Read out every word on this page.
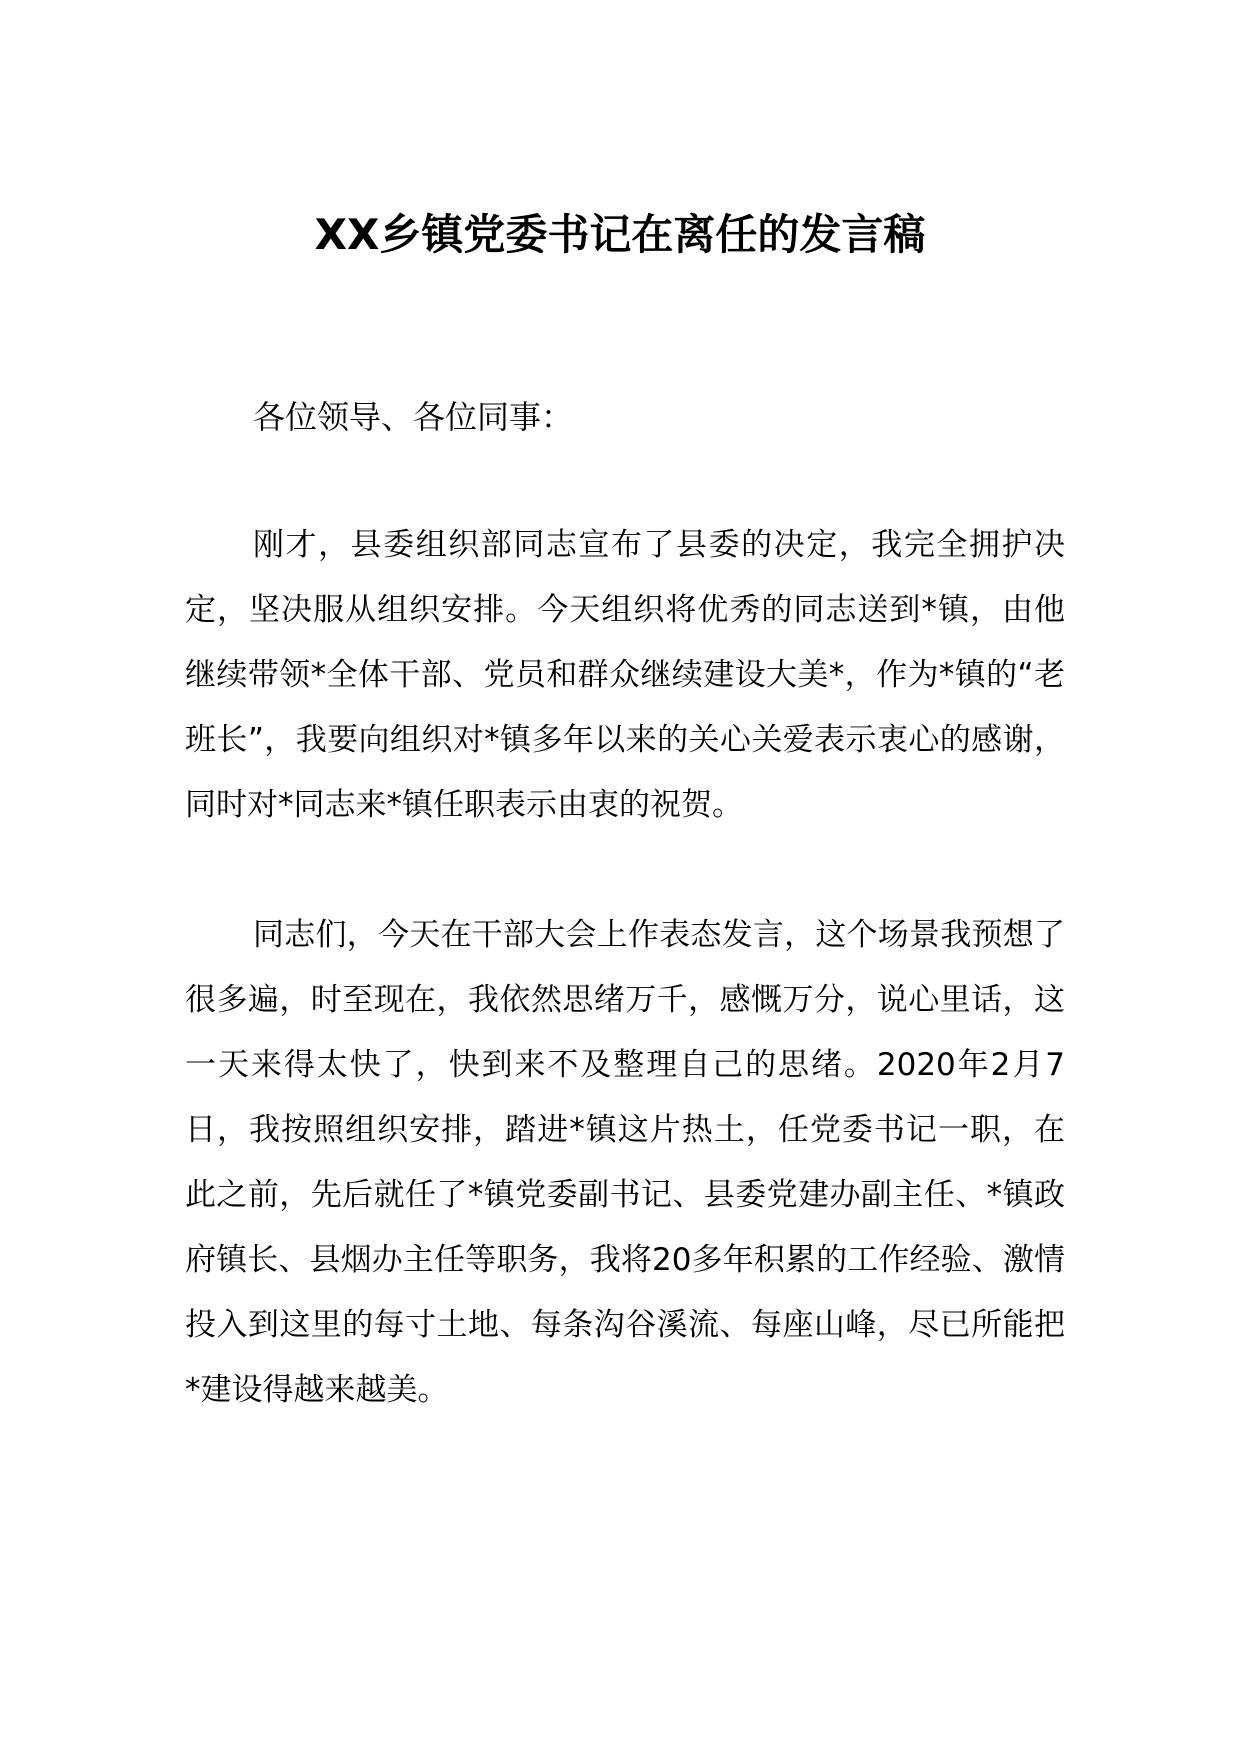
XX乡镇党委书记在离任的发言稿

各位领导、各位同事：

刚才，县委组织部同志宣布了县委的决定，我完全拥护决定，坚决服从组织安排。今天组织将优秀的同志送到*镇，由他继续带领*全体干部、党员和群众继续建设大美*，作为*镇的“老班长”，我要向组织对*镇多年以来的关心关爱表示衷心的感谢，同时对*同志来*镇任职表示由衷的祝贺。

同志们，今天在干部大会上作表态发言，这个场景我预想了很多遍，时至现在，我依然思绪万千，感慨万分，说心里话，这一天来得太快了，快到来不及整理自己的思绪。2020年2月7日，我按照组织安排，踏进*镇这片热土，任党委书记一职，在此之前，先后就任了*镇党委副书记、县委党建办副主任、*镇政府镇长、县烟办主任等职务，我将20多年积累的工作经验、激情投入到这里的每寸土地、每条沟谷溪流、每座山峰，尽已所能把*建设得越来越美。
